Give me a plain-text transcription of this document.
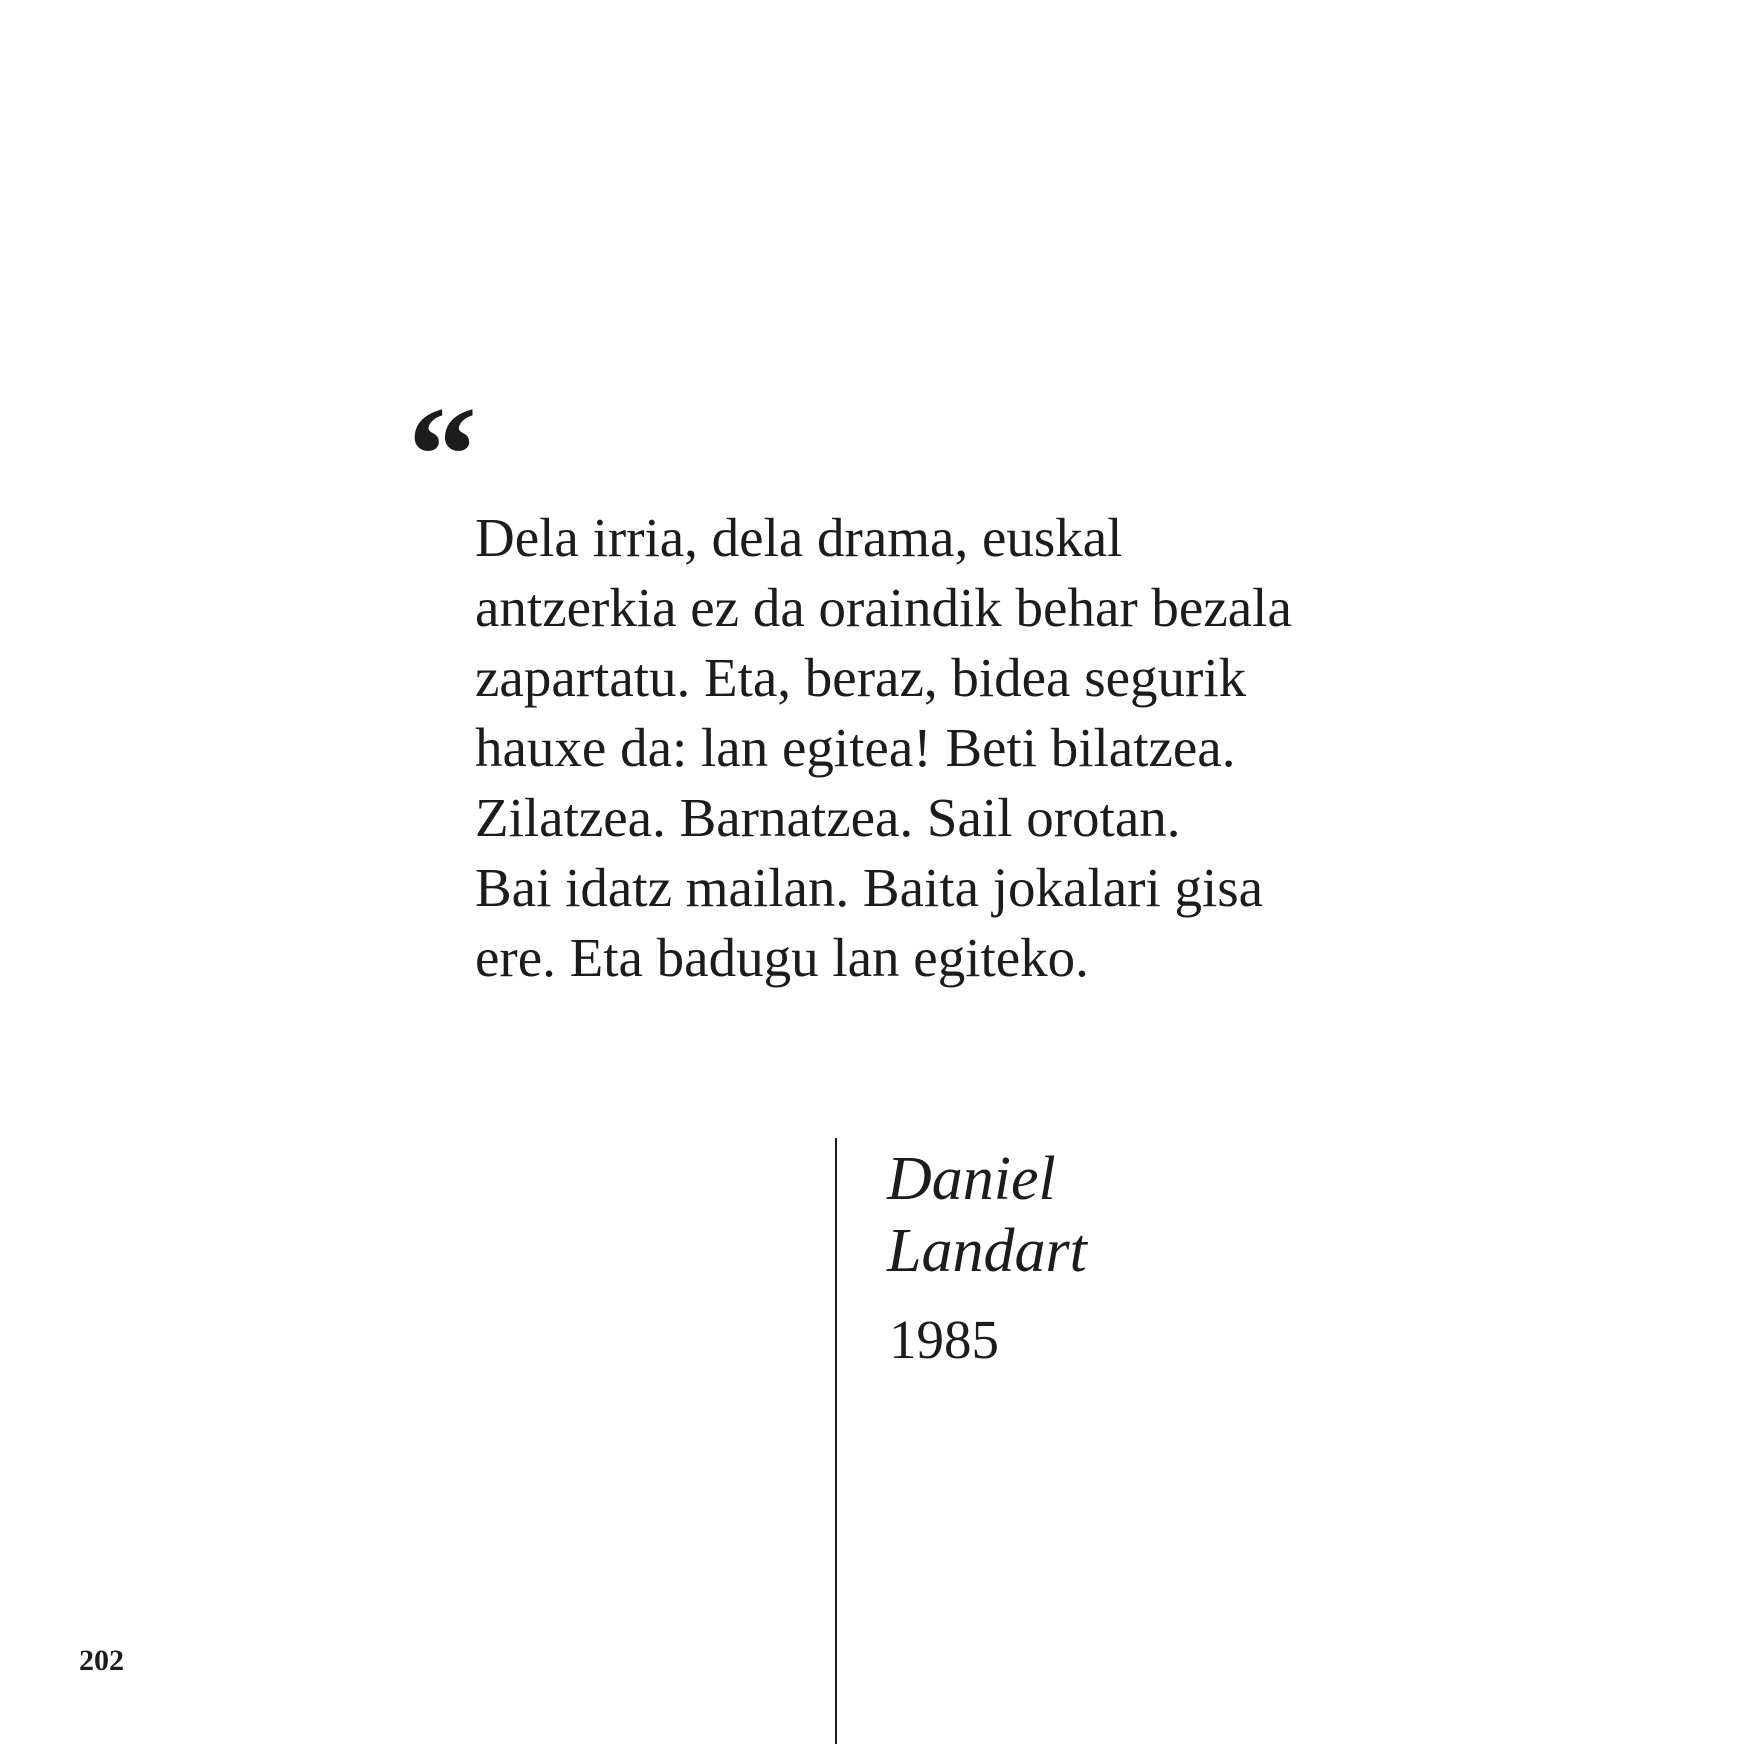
“

Dela irria, dela drama, euskal
antzerkia ez da oraindik behar bezala
zapartatu. Eta, beraz, bidea segurik
hauxe da: lan egitea! Beti bilatzea.
Zilatzea. Barnatzea. Sail orotan.
Bai idatz mailan. Baita jokalari gisa
ere. Eta badugu lan egiteko.

Daniel
Landart
1985
202
